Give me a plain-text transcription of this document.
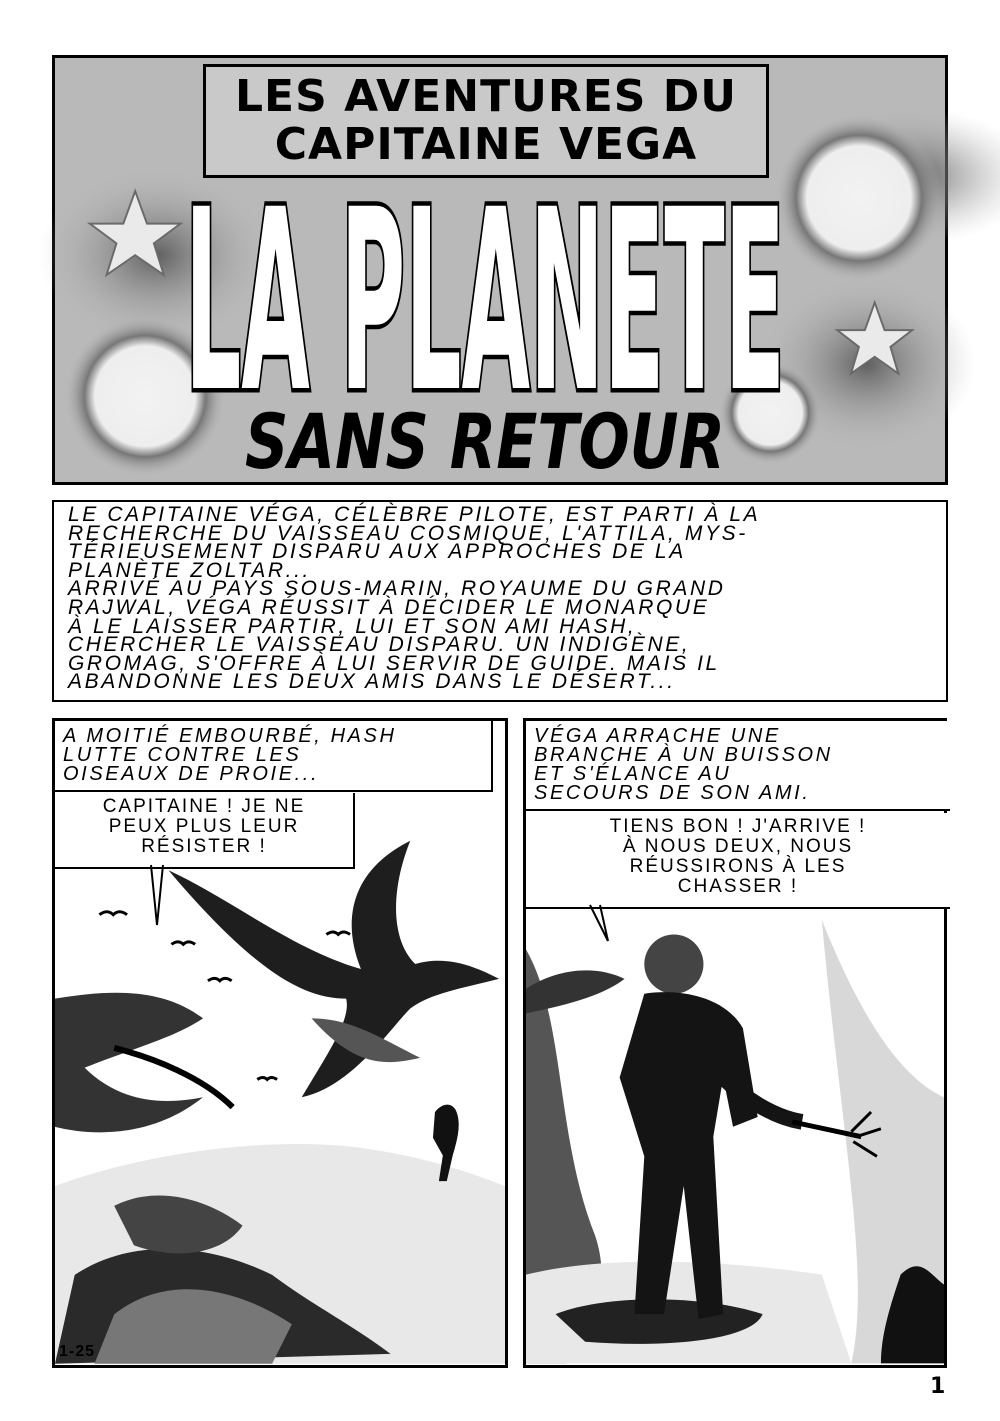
LES AVENTURES DU
CAPITAINE VEGA
LA PLANETE
SANS RETOUR
LE CAPITAINE VÉGA, CÉLÈBRE PILOTE, EST PARTI À LA
RECHERCHE DU VAISSEAU COSMIQUE, L'ATTILA, MYS-
TÉRIEUSEMENT DISPARU AUX APPROCHES DE LA
PLANÈTE ZOLTAR...
ARRIVÉ AU PAYS SOUS-MARIN, ROYAUME DU GRAND
RAJWAL, VÉGA RÉUSSIT À DÉCIDER LE MONARQUE
À LE LAISSER PARTIR, LUI ET SON AMI HASH,
CHERCHER LE VAISSEAU DISPARU. UN INDIGÈNE,
GROMAG, S'OFFRE À LUI SERVIR DE GUIDE. MAIS IL
ABANDONNE LES DEUX AMIS DANS LE DÉSERT...
A MOITIÉ EMBOURBÉ, HASH
LUTTE CONTRE LES
OISEAUX DE PROIE...
CAPITAINE ! JE NE
PEUX PLUS LEUR
RÉSISTER !
1-25
VÉGA ARRACHE UNE
BRANCHE À UN BUISSON
ET S'ÉLANCE AU
SECOURS DE SON AMI.
TIENS BON ! J'ARRIVE !
À NOUS DEUX, NOUS
RÉUSSIRONS À LES
CHASSER !
1
